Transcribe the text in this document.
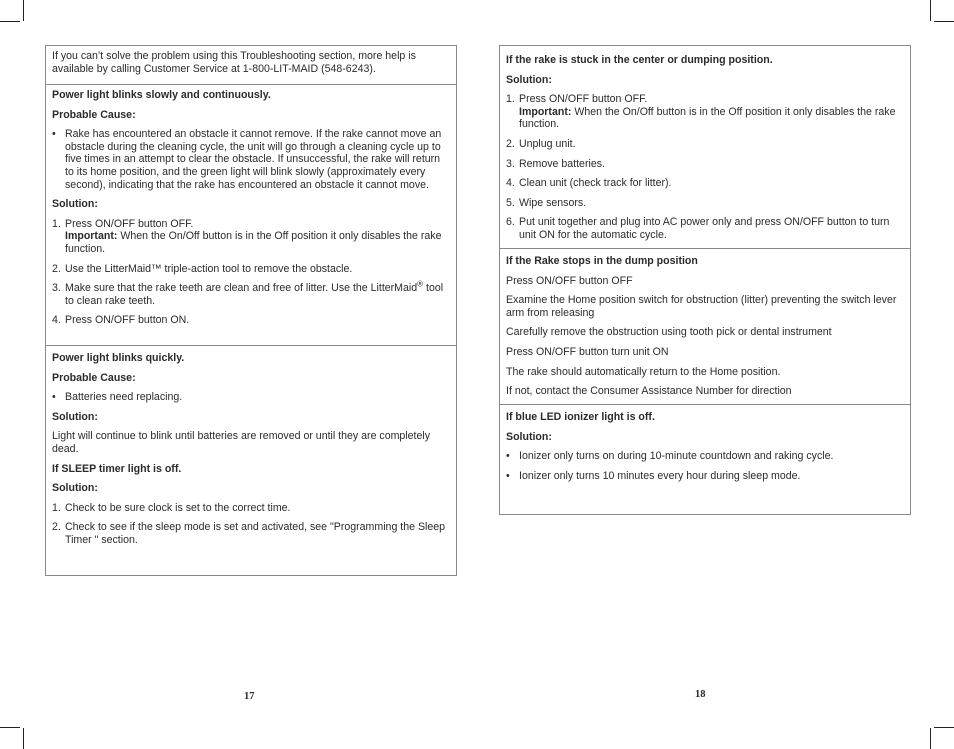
If you can’t solve the problem using this Troubleshooting section, more help is available by calling Customer Service at 1-800-LIT-MAID (548-6243).

Power light blinks slowly and continuously.

Probable Cause:

• Rake has encountered an obstacle it cannot remove. If the rake cannot move an obstacle during the cleaning cycle, the unit will go through a cleaning cycle up to five times in an attempt to clear the obstacle. If unsuccessful, the rake will return to its home position, and the green light will blink slowly (approximately every second), indicating that the rake has encountered an obstacle it cannot move.

Solution:

1. Press ON/OFF button OFF.
Important: When the On/Off button is in the Off position it only disables the rake function.
2. Use the LitterMaid™ triple-action tool to remove the obstacle.
3. Make sure that the rake teeth are clean and free of litter. Use the LitterMaid® tool to clean rake teeth.
4. Press ON/OFF button ON.

Power light blinks quickly.

Probable Cause:

• Batteries need replacing.

Solution:

Light will continue to blink until batteries are removed or until they are completely dead.

If SLEEP timer light is off.

Solution:

1. Check to be sure clock is set to the correct time.
2. Check to see if the sleep mode is set and activated, see "Programming the Sleep Timer " section.
17

If the rake is stuck in the center or dumping position.

Solution:

1. Press ON/OFF button OFF.
Important: When the On/Off button is in the Off position it only disables the rake function.
2. Unplug unit.
3. Remove batteries.
4. Clean unit (check track for litter).
5. Wipe sensors.
6. Put unit together and plug into AC power only and press ON/OFF button to turn unit ON for the automatic cycle.

If the Rake stops in the dump position

Press ON/OFF button OFF

Examine the Home position switch for obstruction (litter) preventing the switch lever arm from releasing

Carefully remove the obstruction using tooth pick or dental instrument

Press ON/OFF button turn unit ON

The rake should automatically return to the Home position.

If not, contact the Consumer Assistance Number for direction

If blue LED ionizer light is off.

Solution:

• Ionizer only turns on during 10-minute countdown and raking cycle.
• Ionizer only turns 10 minutes every hour during sleep mode.
18
